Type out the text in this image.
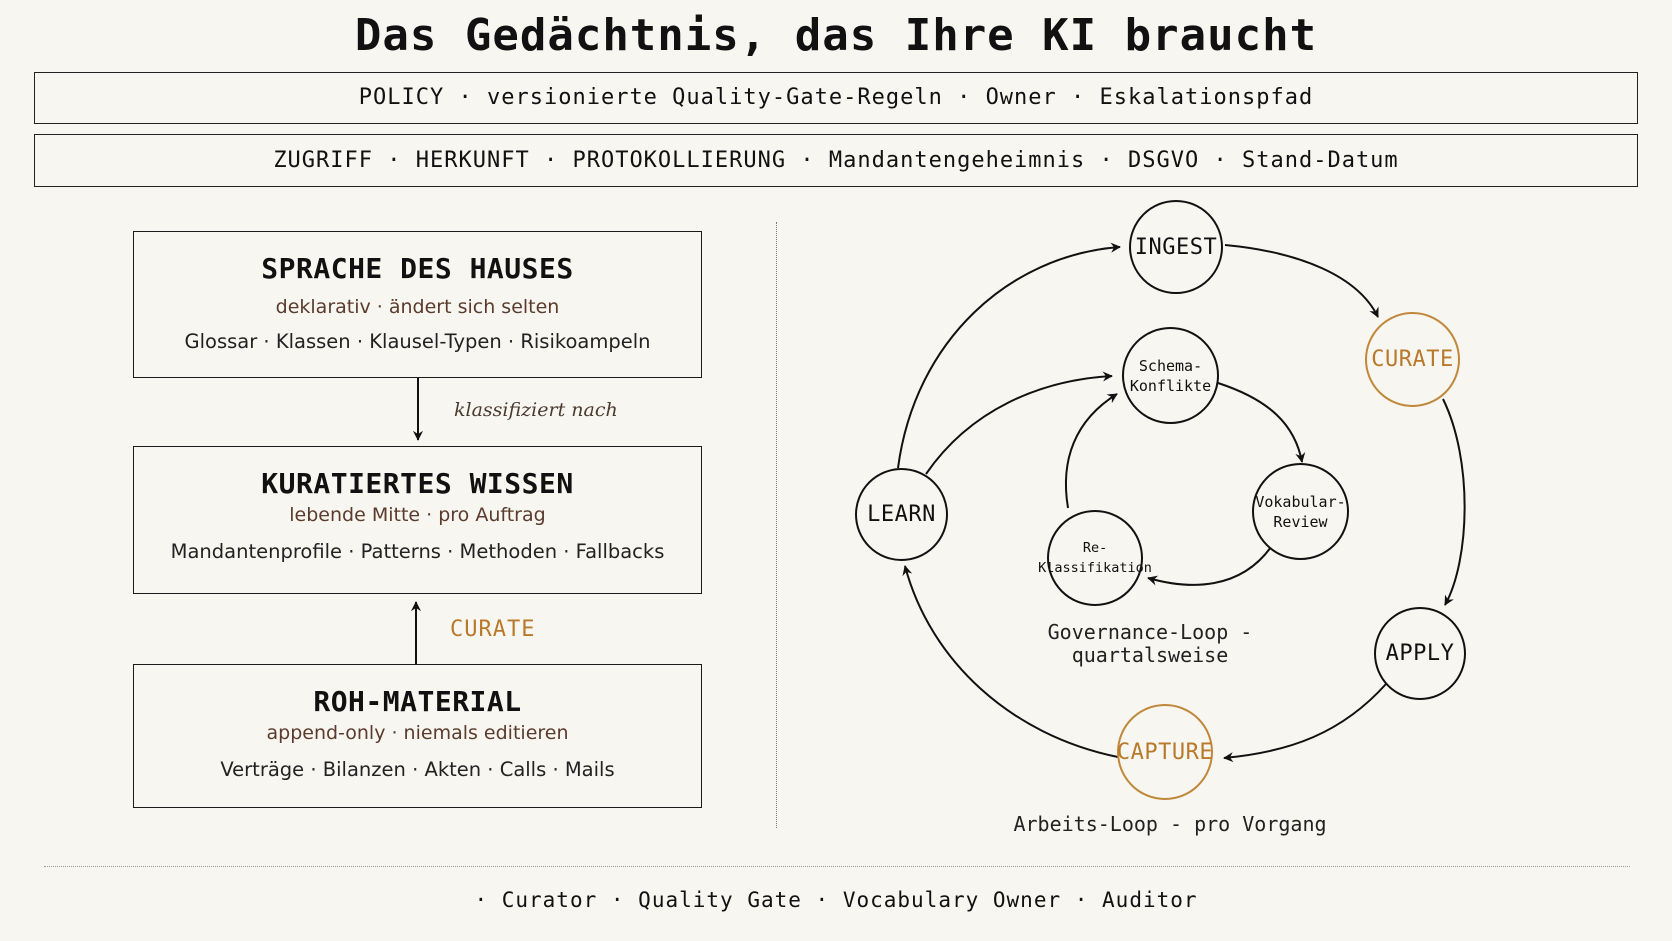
Das Gedächtnis, das Ihre KI braucht
POLICY · versionierte Quality-Gate-Regeln · Owner · Eskalationspfad
ZUGRIFF · HERKUNFT · PROTOKOLLIERUNG · Mandantengeheimnis · DSGVO · Stand-Datum
SPRACHE DES HAUSES
deklarativ · ändert sich selten
Glossar · Klassen · Klausel-Typen · Risikoampeln
KURATIERTES WISSEN
lebende Mitte · pro Auftrag
Mandantenprofile · Patterns · Methoden · Fallbacks
ROH-MATERIAL
append-only · niemals editieren
Verträge · Bilanzen · Akten · Calls · Mails
klassifiziert nach
CURATE
INGEST
CURATE
APPLY
CAPTURE
LEARN
Schema-
Konflikte
Vokabular-
Review
Re-
Klassifikation
Governance-Loop -
quartalsweise
Arbeits-Loop - pro Vorgang
· Curator · Quality Gate · Vocabulary Owner · Auditor
